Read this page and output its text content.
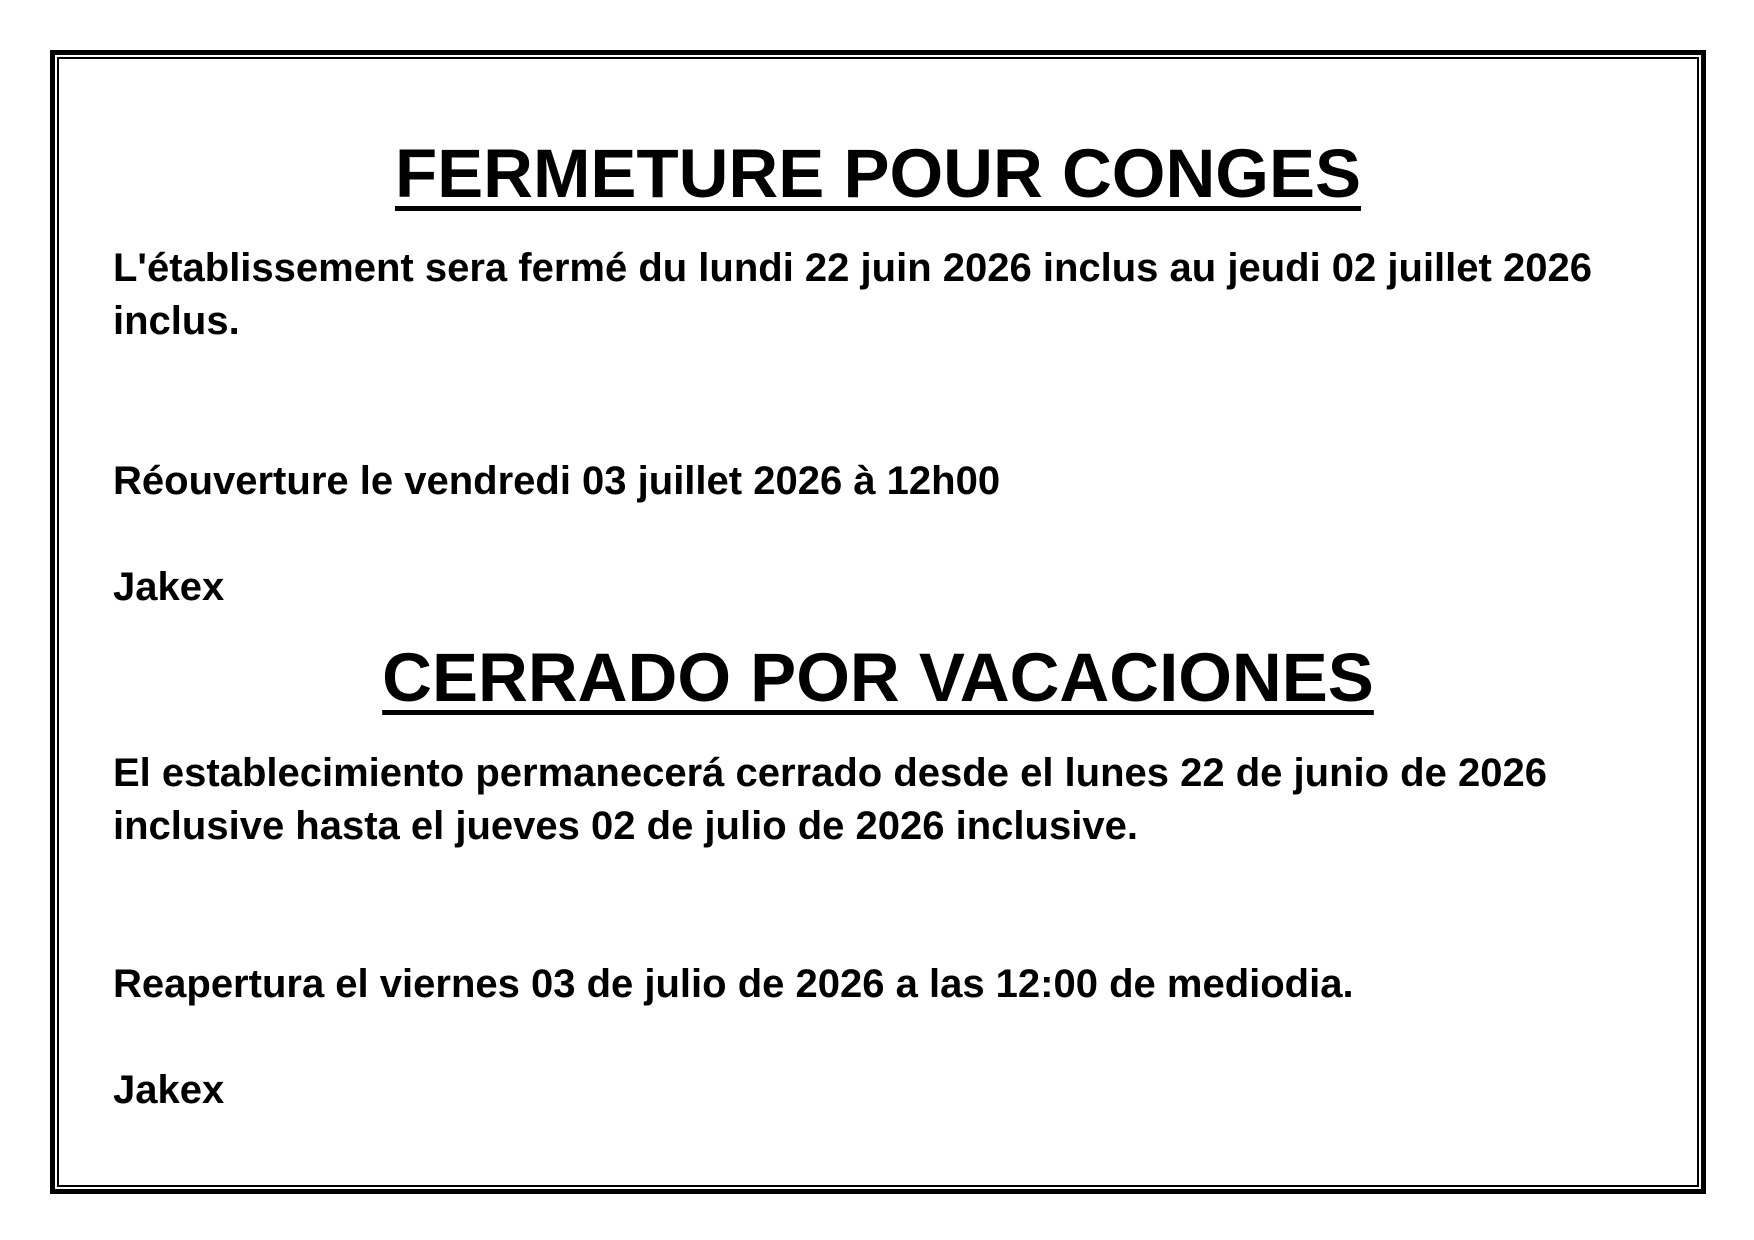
FERMETURE POUR CONGES

L'établissement sera fermé du lundi 22 juin 2026 inclus au jeudi 02 juillet 2026 inclus.

Réouverture le vendredi 03 juillet 2026 à 12h00

Jakex

CERRADO POR VACACIONES

El establecimiento permanecerá cerrado desde el lunes 22 de junio de 2026 inclusive hasta el jueves 02 de julio de 2026 inclusive.

Reapertura el viernes 03 de julio de 2026 a las 12:00 de mediodia.

Jakex
